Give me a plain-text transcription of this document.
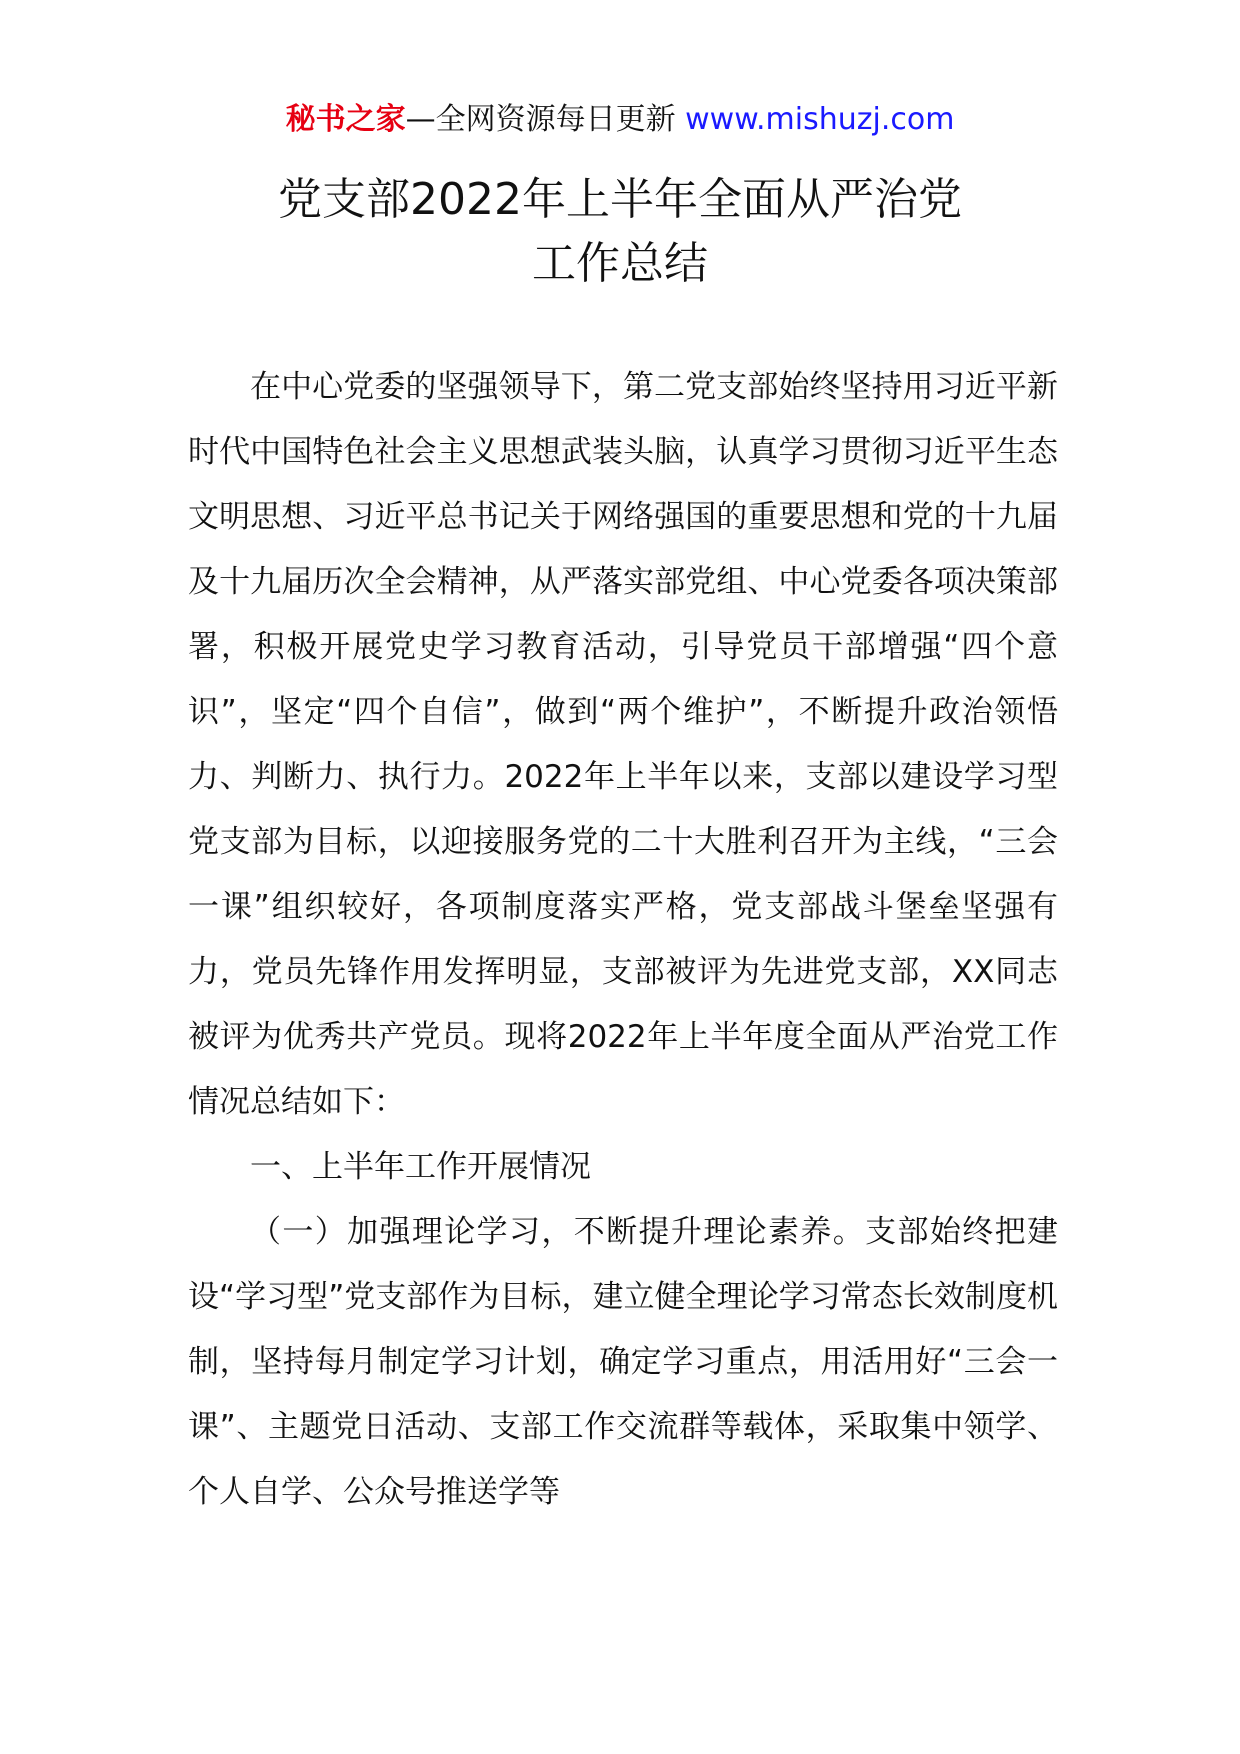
秘书之家—全网资源每日更新 www.mishuzj.com
党支部2022年上半年全面从严治党
工作总结

在中心党委的坚强领导下，第二党支部始终坚持用习近平新时代中国特色社会主义思想武装头脑，认真学习贯彻习近平生态文明思想、习近平总书记关于网络强国的重要思想和党的十九届及十九届历次全会精神，从严落实部党组、中心党委各项决策部署，积极开展党史学习教育活动，引导党员干部增强“四个意识”，坚定“四个自信”，做到“两个维护”，不断提升政治领悟力、判断力、执行力。2022年上半年以来，支部以建设学习型党支部为目标，以迎接服务党的二十大胜利召开为主线，“三会一课”组织较好，各项制度落实严格，党支部战斗堡垒坚强有力，党员先锋作用发挥明显，支部被评为先进党支部，XX同志被评为优秀共产党员。现将2022年上半年度全面从严治党工作情况总结如下：

一、上半年工作开展情况

（一）加强理论学习，不断提升理论素养。支部始终把建设“学习型”党支部作为目标，建立健全理论学习常态长效制度机制，坚持每月制定学习计划，确定学习重点，用活用好“三会一课”、主题党日活动、支部工作交流群等载体，采取集中领学、个人自学、公众号推送学等
